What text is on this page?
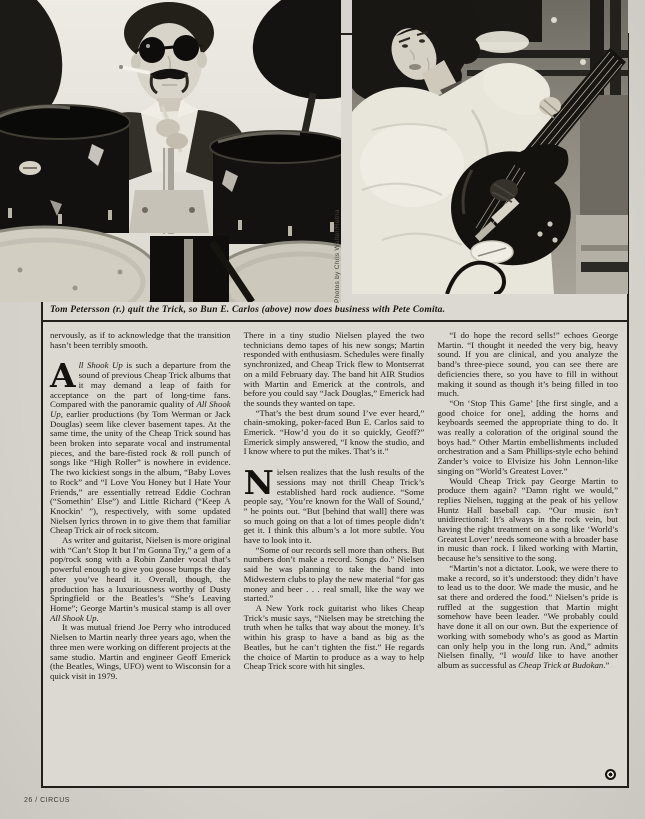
Photos by Chris Walter/Retna
Tom Petersson (r.) quit the Trick, so Bun E. Carlos (above) now does business with Pete Comita.

nervously, as if to acknowledge that the transition hasn’t been terribly smooth.

All Shook Up is such a departure from the sound of previous Cheap Trick albums that it may demand a leap of faith for acceptance on the part of long-time fans. Compared with the panoramic quality of All Shook Up, earlier productions (by Tom Werman or Jack Douglas) seem like clever basement tapes. At the same time, the unity of the Cheap Trick sound has been broken into separate vocal and instrumental pieces, and the bare-fisted rock & roll punch of songs like “High Roller” is nowhere in evidence. The two kickiest songs in the album, “Baby Loves to Rock” and “I Love You Honey but I Hate Your Friends,” are essentially retread Eddie Cochran (“Somethin’ Else”) and Little Richard (“Keep A Knockin’ ”), respectively, with some updated Nielsen lyrics thrown in to give them that familiar Cheap Trick air of rock sitcom.

As writer and guitarist, Nielsen is more original with “Can’t Stop It but I’m Gonna Try,” a gem of a pop/rock song with a Robin Zander vocal that’s powerful enough to give you goose bumps the day after you’ve heard it. Overall, though, the production has a luxuriousness worthy of Dusty Springfield or the Beatles’s “She’s Leaving Home”; George Martin’s musical stamp is all over All Shook Up.

It was mutual friend Joe Perry who introduced Nielsen to Martin nearly three years ago, when the three men were working on different projects at the same studio. Martin and engineer Geoff Emerick (the Beatles, Wings, UFO) went to Wisconsin for a quick visit in 1979.

There in a tiny studio Nielsen played the two technicians demo tapes of his new songs; Martin responded with enthusiasm. Schedules were finally synchronized, and Cheap Trick flew to Montserrat on a mild February day. The band hit AIR Studios with Martin and Emerick at the controls, and before you could say “Jack Douglas,” Emerick had the sounds they wanted on tape.

“That’s the best drum sound I’ve ever heard,” chain-smoking, poker-faced Bun E. Carlos said to Emerick. “How’d you do it so quickly, Geoff?” Emerick simply answered, “I know the studio, and I know where to put the mikes. That’s it.”

Nielsen realizes that the lush results of the sessions may not thrill Cheap Trick’s established hard rock audience. “Some people say, ‘You’re known for the Wall of Sound,’ ” he points out. “But [behind that wall] there was so much going on that a lot of times people didn’t get it. I think this album’s a lot more subtle. You have to look into it.

“Some of our records sell more than others. But numbers don’t make a record. Songs do.” Nielsen said he was planning to take the band into Midwestern clubs to play the new material “for gas money and beer . . . real small, like the way we started.”

A New York rock guitarist who likes Cheap Trick’s music says, “Nielsen may be stretching the truth when he talks that way about the money. It’s within his grasp to have a band as big as the Beatles, but he can’t tighten the fist.” He regards the choice of Martin to produce as a way to help Cheap Trick score with hit singles.

“I do hope the record sells!” echoes George Martin. “I thought it needed the very big, heavy sound. If you are clinical, and you analyze the band’s three-piece sound, you can see there are deficiencies there, so you have to fill in without making it sound as though it’s being filled in too much.

“On ‘Stop This Game’ [the first single, and a good choice for one], adding the horns and keyboards seemed the appropriate thing to do. It was really a coloration of the original sound the boys had.” Other Martin embellishments included orchestration and a Sam Phillips-style echo behind Zander’s voice to Elvisize his John Lennon-like singing on “World’s Greatest Lover.”

Would Cheap Trick pay George Martin to produce them again? “Damn right we would,” replies Nielsen, tugging at the peak of his yellow Huntz Hall baseball cap. “Our music isn’t unidirectional: It’s always in the rock vein, but having the right treatment on a song like ‘World’s Greatest Lover’ needs someone with a broader base in music than rock. I liked working with Martin, because he’s sensitive to the song.

“Martin’s not a dictator. Look, we were there to make a record, so it’s understood: they didn’t have to lead us to the door. We made the music, and he sat there and ordered the food.” Nielsen’s pride is ruffled at the suggestion that Martin might somehow have been leader. “We probably could have done it all on our own. But the experience of working with somebody who’s as good as Martin can only help you in the long run. And,” admits Nielsen finally, “I would like to have another album as successful as Cheap Trick at Budokan.”

26 / CIRCUS
